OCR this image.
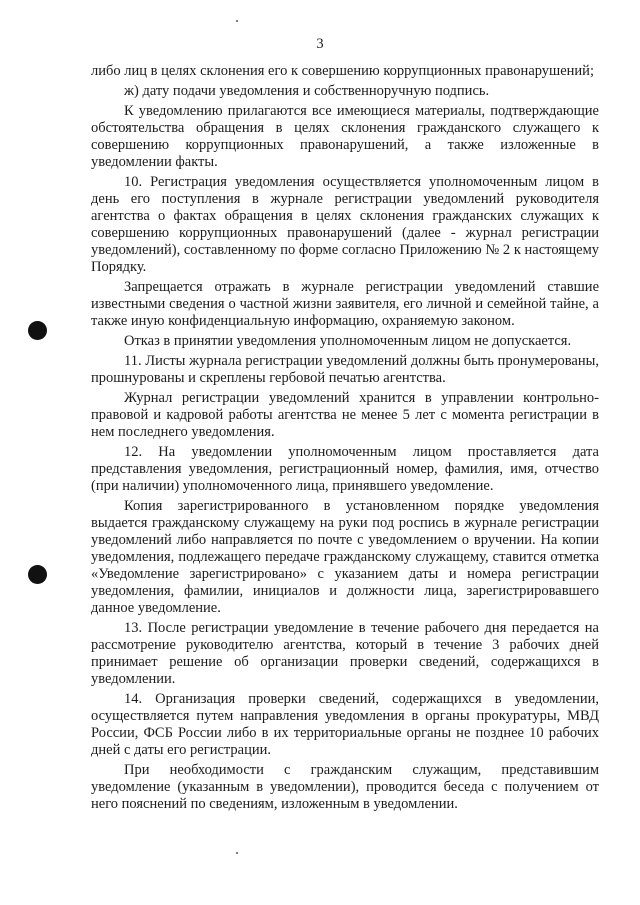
3

либо лиц в целях склонения его к совершению коррупционных правонарушений;

ж) дату подачи уведомления и собственноручную подпись.

К уведомлению прилагаются все имеющиеся материалы, подтверждающие обстоятельства обращения в целях склонения гражданского служащего к совершению коррупционных правонарушений, а также изложенные в уведомлении факты.

10. Регистрация уведомления осуществляется уполномоченным лицом в день его поступления в журнале регистрации уведомлений руководителя агентства о фактах обращения в целях склонения гражданских служащих к совершению коррупционных правонарушений (далее - журнал регистрации уведомлений), составленному по форме согласно Приложению № 2 к настоящему Порядку.

Запрещается отражать в журнале регистрации уведомлений ставшие известными сведения о частной жизни заявителя, его личной и семейной тайне, а также иную конфиденциальную информацию, охраняемую законом.

Отказ в принятии уведомления уполномоченным лицом не допускается.

11. Листы журнала регистрации уведомлений должны быть пронумерованы, прошнурованы и скреплены гербовой печатью агентства.

Журнал регистрации уведомлений хранится в управлении контрольно-правовой и кадровой работы агентства не менее 5 лет с момента регистрации в нем последнего уведомления.

12. На уведомлении уполномоченным лицом проставляется дата представления уведомления, регистрационный номер, фамилия, имя, отчество (при наличии) уполномоченного лица, принявшего уведомление.

Копия зарегистрированного в установленном порядке уведомления выдается гражданскому служащему на руки под роспись в журнале регистрации уведомлений либо направляется по почте с уведомлением о вручении. На копии уведомления, подлежащего передаче гражданскому служащему, ставится отметка «Уведомление зарегистрировано» с указанием даты и номера регистрации уведомления, фамилии, инициалов и должности лица, зарегистрировавшего данное уведомление.

13. После регистрации уведомление в течение рабочего дня передается на рассмотрение руководителю агентства, который в течение 3 рабочих дней принимает решение об организации проверки сведений, содержащихся в уведомлении.

14. Организация проверки сведений, содержащихся в уведомлении, осуществляется путем направления уведомления в органы прокуратуры, МВД России, ФСБ России либо в их территориальные органы не позднее 10 рабочих дней с даты его регистрации.

При необходимости с гражданским служащим, представившим уведомление (указанным в уведомлении), проводится беседа с получением от него пояснений по сведениям, изложенным в уведомлении.
